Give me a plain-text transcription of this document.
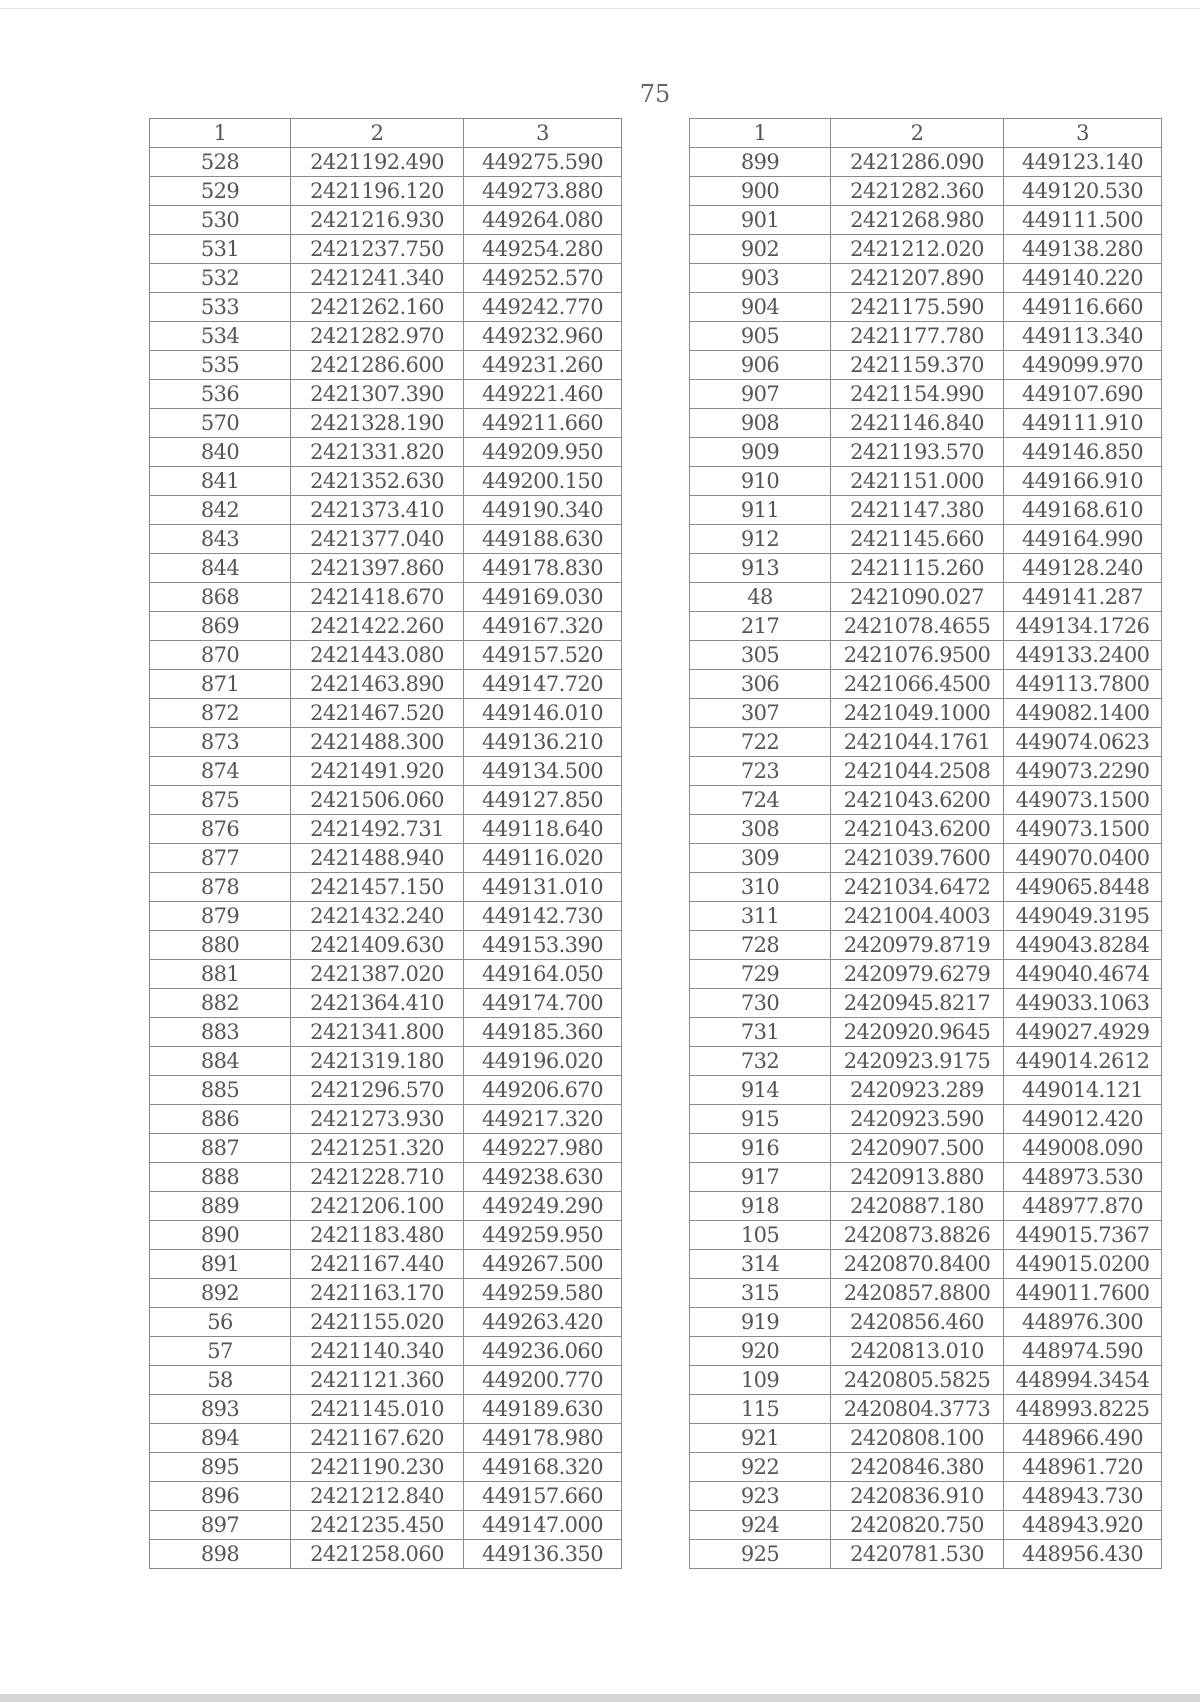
75
1	2	3
528	2421192.490	449275.590
529	2421196.120	449273.880
530	2421216.930	449264.080
531	2421237.750	449254.280
532	2421241.340	449252.570
533	2421262.160	449242.770
534	2421282.970	449232.960
535	2421286.600	449231.260
536	2421307.390	449221.460
570	2421328.190	449211.660
840	2421331.820	449209.950
841	2421352.630	449200.150
842	2421373.410	449190.340
843	2421377.040	449188.630
844	2421397.860	449178.830
868	2421418.670	449169.030
869	2421422.260	449167.320
870	2421443.080	449157.520
871	2421463.890	449147.720
872	2421467.520	449146.010
873	2421488.300	449136.210
874	2421491.920	449134.500
875	2421506.060	449127.850
876	2421492.731	449118.640
877	2421488.940	449116.020
878	2421457.150	449131.010
879	2421432.240	449142.730
880	2421409.630	449153.390
881	2421387.020	449164.050
882	2421364.410	449174.700
883	2421341.800	449185.360
884	2421319.180	449196.020
885	2421296.570	449206.670
886	2421273.930	449217.320
887	2421251.320	449227.980
888	2421228.710	449238.630
889	2421206.100	449249.290
890	2421183.480	449259.950
891	2421167.440	449267.500
892	2421163.170	449259.580
56	2421155.020	449263.420
57	2421140.340	449236.060
58	2421121.360	449200.770
893	2421145.010	449189.630
894	2421167.620	449178.980
895	2421190.230	449168.320
896	2421212.840	449157.660
897	2421235.450	449147.000
898	2421258.060	449136.350
1	2	3
899	2421286.090	449123.140
900	2421282.360	449120.530
901	2421268.980	449111.500
902	2421212.020	449138.280
903	2421207.890	449140.220
904	2421175.590	449116.660
905	2421177.780	449113.340
906	2421159.370	449099.970
907	2421154.990	449107.690
908	2421146.840	449111.910
909	2421193.570	449146.850
910	2421151.000	449166.910
911	2421147.380	449168.610
912	2421145.660	449164.990
913	2421115.260	449128.240
48	2421090.027	449141.287
217	2421078.4655	449134.1726
305	2421076.9500	449133.2400
306	2421066.4500	449113.7800
307	2421049.1000	449082.1400
722	2421044.1761	449074.0623
723	2421044.2508	449073.2290
724	2421043.6200	449073.1500
308	2421043.6200	449073.1500
309	2421039.7600	449070.0400
310	2421034.6472	449065.8448
311	2421004.4003	449049.3195
728	2420979.8719	449043.8284
729	2420979.6279	449040.4674
730	2420945.8217	449033.1063
731	2420920.9645	449027.4929
732	2420923.9175	449014.2612
914	2420923.289	449014.121
915	2420923.590	449012.420
916	2420907.500	449008.090
917	2420913.880	448973.530
918	2420887.180	448977.870
105	2420873.8826	449015.7367
314	2420870.8400	449015.0200
315	2420857.8800	449011.7600
919	2420856.460	448976.300
920	2420813.010	448974.590
109	2420805.5825	448994.3454
115	2420804.3773	448993.8225
921	2420808.100	448966.490
922	2420846.380	448961.720
923	2420836.910	448943.730
924	2420820.750	448943.920
925	2420781.530	448956.430
